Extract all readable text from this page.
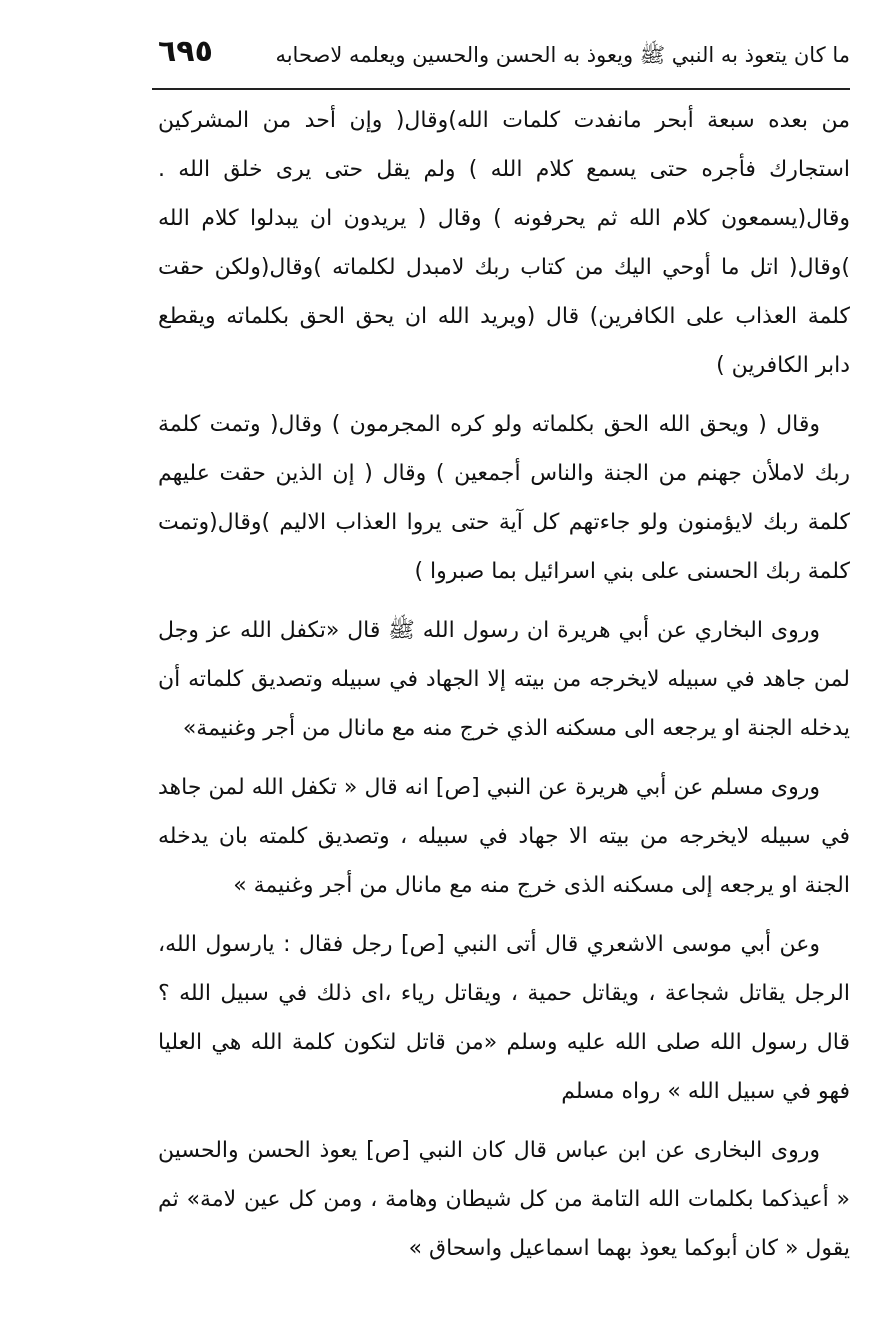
ما كان يتعوذ به النبي ﷺ ويعوذ به الحسن والحسين ويعلمه لاصحابه
٦٩٥

من بعده سبعة أبحر مانفدت كلمات الله)وقال( وإن أحد من المشركين استجارك فأجره حتى يسمع كلام الله ) ولم يقل حتى يرى خلق الله . وقال(يسمعون كلام الله ثم يحرفونه ) وقال ( يريدون ان يبدلوا كلام الله )وقال( اتل ما أوحي اليك من كتاب ربك لامبدل لكلماته )وقال(ولكن حقت كلمة العذاب على الكافرين) قال (ويريد الله ان يحق الحق بكلماته ويقطع دابر الكافرين )

وقال ( ويحق الله الحق بكلماته ولو كره المجرمون ) وقال( وتمت كلمة ربك لاملأن جهنم من الجنة والناس أجمعين ) وقال ( إن الذين حقت عليهم كلمة ربك لايؤمنون ولو جاءتهم كل آية حتى يروا العذاب الاليم )وقال(وتمت كلمة ربك الحسنى على بني اسرائيل بما صبروا )

وروى البخاري عن أبي هريرة ان رسول الله ﷺ قال «تكفل الله عز وجل لمن جاهد في سبيله لايخرجه من بيته إلا الجهاد في سبيله وتصديق كلماته أن يدخله الجنة او يرجعه الى مسكنه الذي خرج منه مع مانال من أجر وغنيمة»

وروى مسلم عن أبي هريرة عن النبي [ص] انه قال « تكفل الله لمن جاهد في سبيله لايخرجه من بيته الا جهاد في سبيله ، وتصديق كلمته بان يدخله الجنة او يرجعه إلى مسكنه الذى خرج منه مع مانال من أجر وغنيمة »

وعن أبي موسى الاشعري قال أتى النبي [ص] رجل فقال : يارسول الله، الرجل يقاتل شجاعة ، ويقاتل حمية ، ويقاتل رياء ،اى ذلك في سبيل الله ؟ قال رسول الله صلى الله عليه وسلم «من قاتل لتكون كلمة الله هي العليا فهو في سبيل الله » رواه مسلم

وروى البخارى عن ابن عباس قال كان النبي [ص] يعوذ الحسن والحسين « أعيذكما بكلمات الله التامة من كل شيطان وهامة ، ومن كل عين لامة» ثم يقول « كان أبوكما يعوذ بهما اسماعيل واسحاق »
